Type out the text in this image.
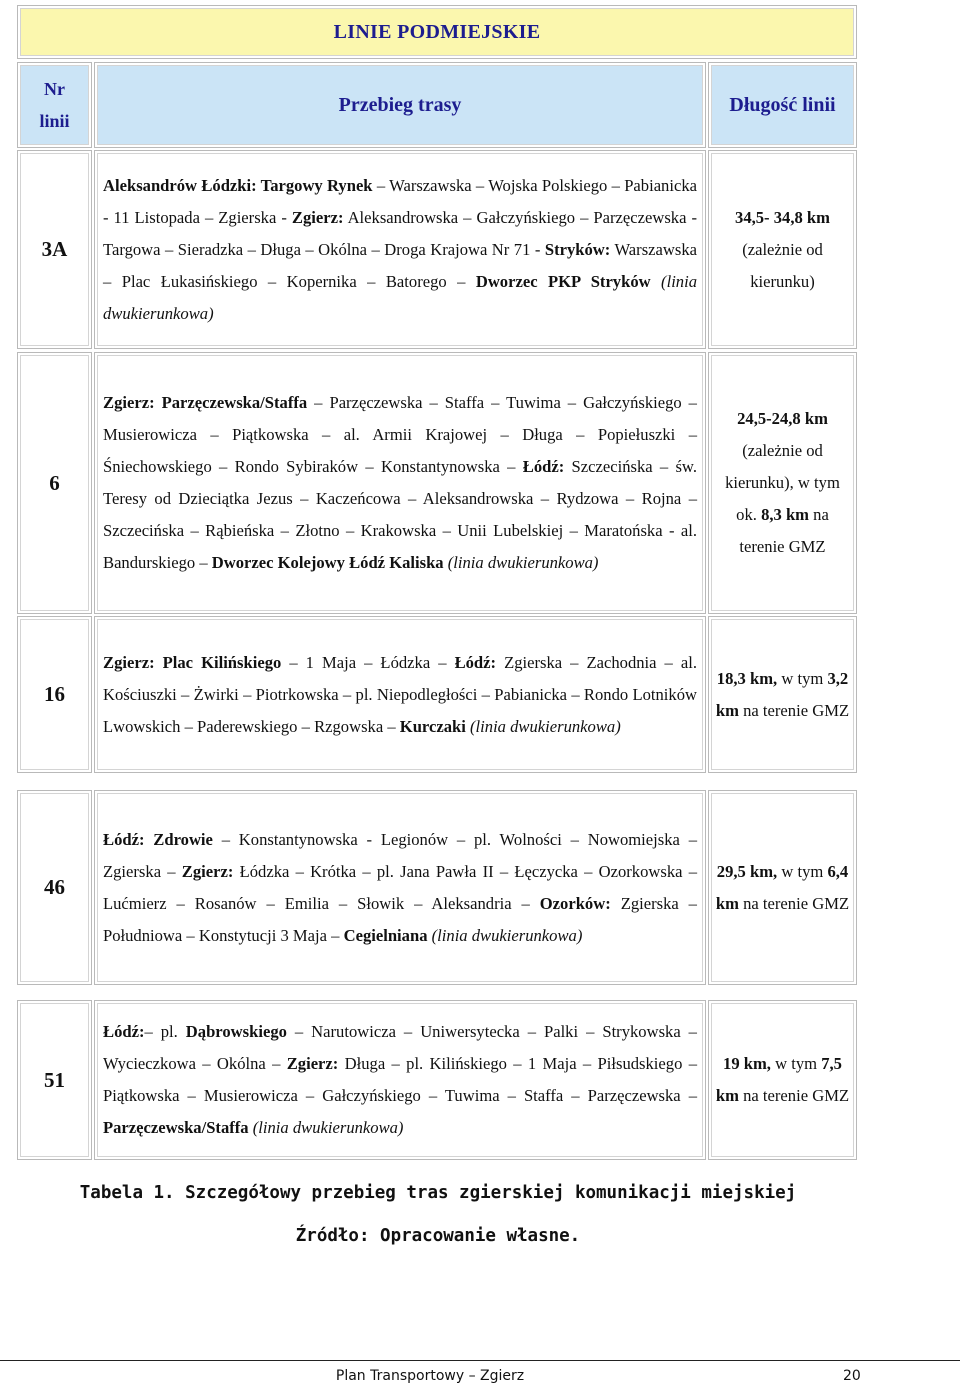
LINIE PODMIEJSKIE
Nr
linii
Przebieg trasy	Długość linii
3A
Aleksandrów Łódzki: Targowy Rynek – Warszawska – Wojska Polskiego – Pabianicka - 11 Listopada – Zgierska - Zgierz: Aleksandrowska – Gałczyńskiego – Parzęczewska - Targowa – Sieradzka – Długa – Okólna – Droga Krajowa Nr 71 - Stryków: Warszawska – Plac Łukasińskiego – Kopernika – Batorego – Dworzec PKP Stryków (linia dwukierunkowa)
34,5- 34,8 km (zależnie od kierunku)
6
Zgierz: Parzęczewska/Staffa – Parzęczewska – Staffa – Tuwima – Gałczyńskiego – Musierowicza – Piątkowska – al. Armii Krajowej – Długa – Popiełuszki – Śniechowskiego – Rondo Sybiraków – Konstantynowska – Łódź: Szczecińska – św. Teresy od Dzieciątka Jezus – Kaczeńcowa – Aleksandrowska – Rydzowa – Rojna – Szczecińska – Rąbieńska – Złotno – Krakowska – Unii Lubelskiej – Maratońska - al. Bandurskiego – Dworzec Kolejowy Łódź Kaliska (linia dwukierunkowa)
24,5-24,8 km (zależnie od kierunku), w tym ok. 8,3 km na terenie GMZ
16
Zgierz: Plac Kilińskiego – 1 Maja – Łódzka – Łódź: Zgierska – Zachodnia – al. Kościuszki – Żwirki – Piotrkowska – pl. Niepodległości – Pabianicka – Rondo Lotników Lwowskich – Paderewskiego – Rzgowska – Kurczaki (linia dwukierunkowa)
18,3 km, w tym 3,2 km na terenie GMZ
46
Łódź: Zdrowie – Konstantynowska - Legionów – pl. Wolności – Nowomiejska – Zgierska – Zgierz: Łódzka – Krótka – pl. Jana Pawła II – Łęczycka – Ozorkowska – Lućmierz – Rosanów – Emilia – Słowik – Aleksandria – Ozorków: Zgierska – Południowa – Konstytucji 3 Maja – Cegielniana (linia dwukierunkowa)
29,5 km, w tym 6,4 km na terenie GMZ
51
Łódź:– pl. Dąbrowskiego – Narutowicza – Uniwersytecka – Palki – Strykowska – Wycieczkowa – Okólna – Zgierz: Długa – pl. Kilińskiego – 1 Maja – Piłsudskiego – Piątkowska – Musierowicza – Gałczyńskiego – Tuwima – Staffa – Parzęczewska – Parzęczewska/Staffa (linia dwukierunkowa)
19 km, w tym 7,5 km na terenie GMZ
Tabela 1. Szczegółowy przebieg tras zgierskiej komunikacji miejskiej
Źródło: Opracowanie własne.
Plan Transportowy – Zgierz	20
